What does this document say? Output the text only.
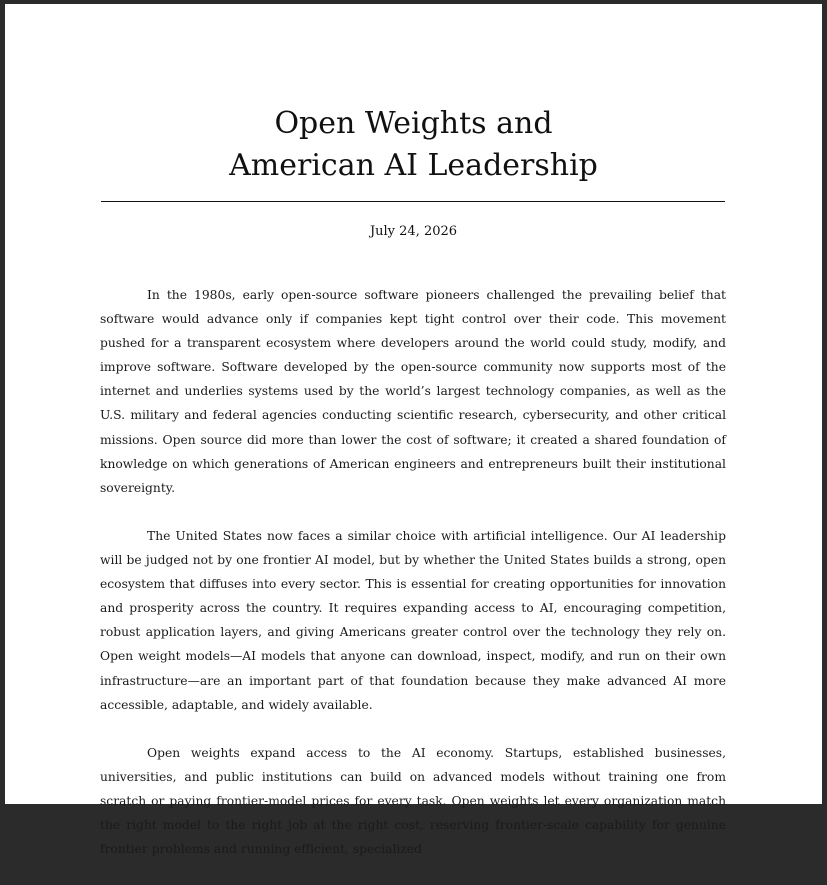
Open Weights and
American AI Leadership
July 24, 2026

In the 1980s, early open-source software pioneers challenged the prevailing belief that software would advance only if companies kept tight control over their code. This movement pushed for a transparent ecosystem where developers around the world could study, modify, and improve software. Software developed by the open-source community now supports most of the internet and underlies systems used by the world’s largest technology companies, as well as the U.S. military and federal agencies conducting scientific research, cybersecurity, and other critical missions. Open source did more than lower the cost of software; it created a shared foundation of knowledge on which generations of American engineers and entrepreneurs built their institutional sovereignty.

The United States now faces a similar choice with artificial intelligence. Our AI leadership will be judged not by one frontier AI model, but by whether the United States builds a strong, open ecosystem that diffuses into every sector. This is essential for creating opportunities for innovation and prosperity across the country. It requires expanding access to AI, encouraging competition, robust application layers, and giving Americans greater control over the technology they rely on. Open weight models—AI models that anyone can download, inspect, modify, and run on their own infrastructure—are an important part of that foundation because they make advanced AI more accessible, adaptable, and widely available.

Open weights expand access to the AI economy. Startups, established businesses, universities, and public institutions can build on advanced models without training one from scratch or paying frontier-model prices for every task. Open weights let every organization match the right model to the right job at the right cost, reserving frontier-scale capability for genuine frontier problems and running efficient, specialized
